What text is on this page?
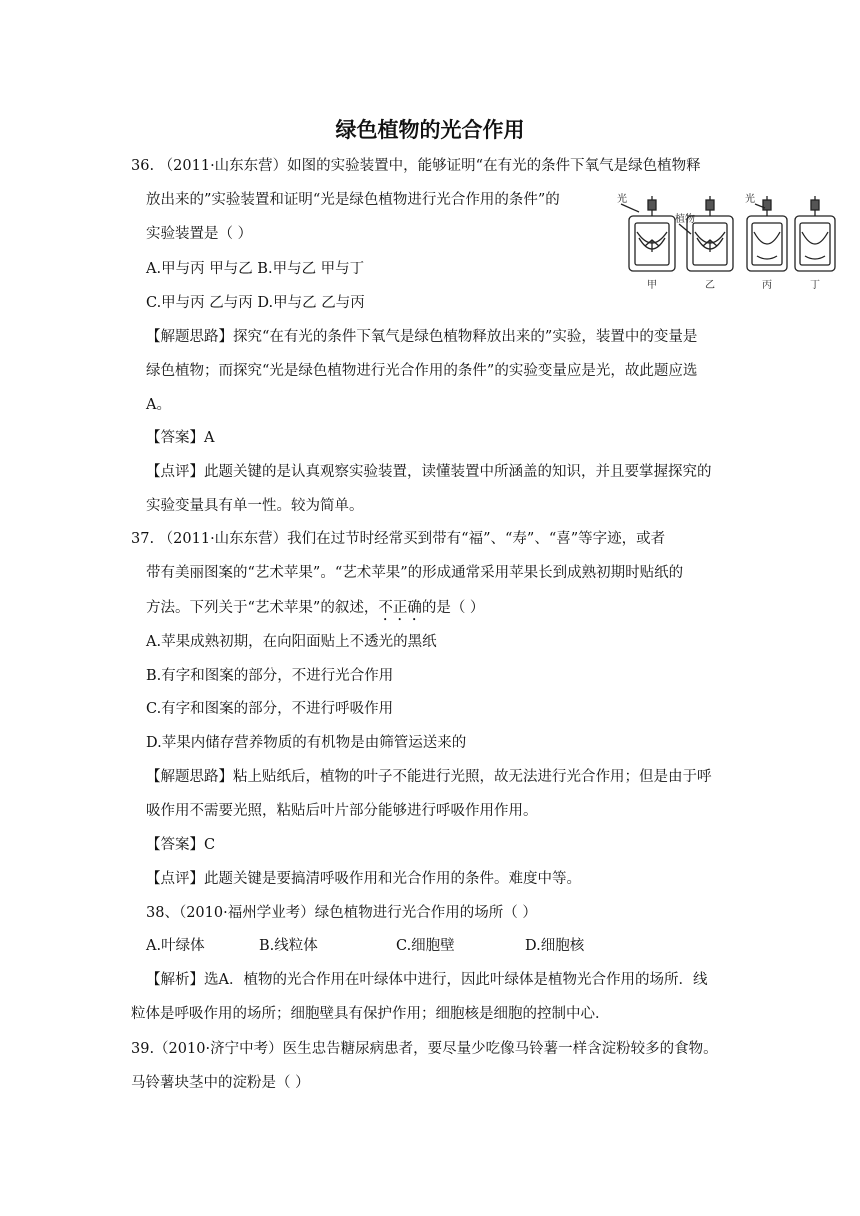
绿色植物的光合作用
36. （2011·山东东营）如图的实验装置中，能够证明“在有光的条件下氧气是绿色植物释
放出来的”实验装置和证明“光是绿色植物进行光合作用的条件”的
实验装置是（ ）
A.甲与丙 甲与乙 B.甲与乙 甲与丁
C.甲与丙 乙与丙 D.甲与乙 乙与丙
光	光
植物
甲	乙	丙	丁
【解题思路】探究“在有光的条件下氧气是绿色植物释放出来的”实验，装置中的变量是
绿色植物；而探究“光是绿色植物进行光合作用的条件”的实验变量应是光，故此题应选
A。
【答案】A
【点评】此题关键的是认真观察实验装置，读懂装置中所涵盖的知识，并且要掌握探究的
实验变量具有单一性。较为简单。
37. （2011·山东东营）我们在过节时经常买到带有“福”、“寿”、“喜”等字迹，或者
带有美丽图案的“艺术苹果”。“艺术苹果”的形成通常采用苹果长到成熟初期时贴纸的
方法。下列关于“艺术苹果”的叙述，不正确的是（ ）
A.苹果成熟初期，在向阳面贴上不透光的黑纸
B.有字和图案的部分，不进行光合作用
C.有字和图案的部分，不进行呼吸作用
D.苹果内储存营养物质的有机物是由筛管运送来的
【解题思路】粘上贴纸后，植物的叶子不能进行光照，故无法进行光合作用；但是由于呼
吸作用不需要光照，粘贴后叶片部分能够进行呼吸作用作用。
【答案】C
【点评】此题关键是要搞清呼吸作用和光合作用的条件。难度中等。
38、（2010·福州学业考）绿色植物进行光合作用的场所（ ）
A.叶绿体	B.线粒体	C.细胞壁	D.细胞核
【解析】选A．植物的光合作用在叶绿体中进行，因此叶绿体是植物光合作用的场所．线
粒体是呼吸作用的场所；细胞壁具有保护作用；细胞核是细胞的控制中心．
39.（2010·济宁中考）医生忠告糖尿病患者，要尽量少吃像马铃薯一样含淀粉较多的食物。
马铃薯块茎中的淀粉是（ ）
